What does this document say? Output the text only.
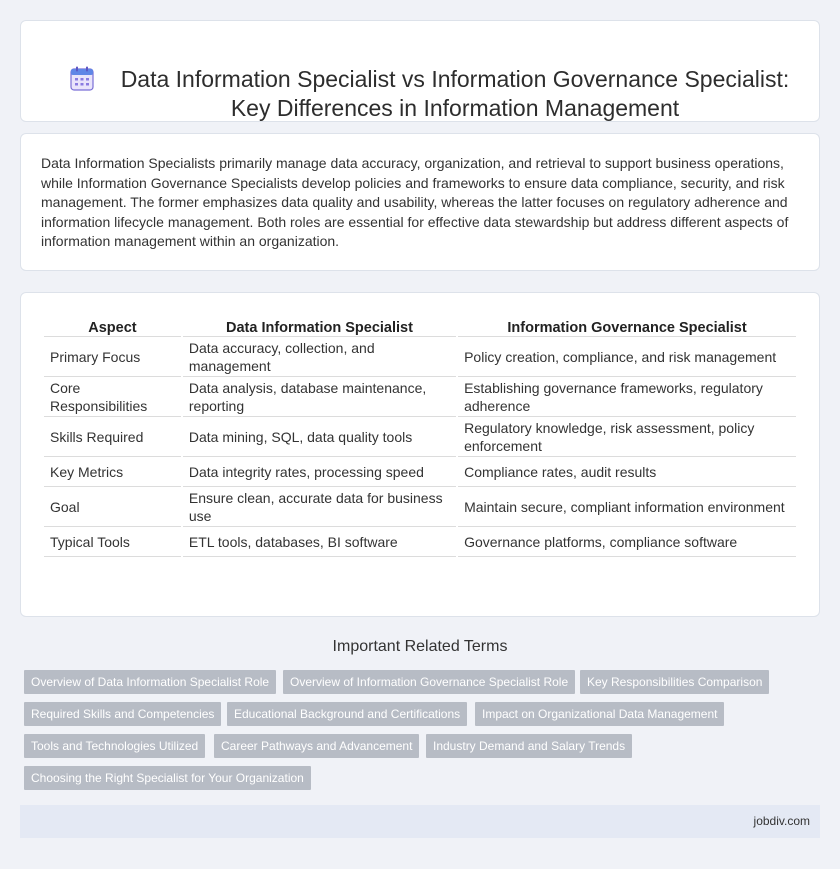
Data Information Specialist vs Information Governance Specialist:
Key Differences in Information Management

Data Information Specialists primarily manage data accuracy, organization, and retrieval to support business operations, while Information Governance Specialists develop policies and frameworks to ensure data compliance, security, and risk management. The former emphasizes data quality and usability, whereas the latter focuses on regulatory adherence and information lifecycle management. Both roles are essential for effective data stewardship but address different aspects of information management within an organization.

Aspect	Data Information Specialist	Information Governance Specialist
Primary Focus	Data accuracy, collection, and management	Policy creation, compliance, and risk management
Core Responsibilities	Data analysis, database maintenance, reporting	Establishing governance frameworks, regulatory adherence
Skills Required	Data mining, SQL, data quality tools	Regulatory knowledge, risk assessment, policy enforcement
Key Metrics	Data integrity rates, processing speed	Compliance rates, audit results
Goal	Ensure clean, accurate data for business use	Maintain secure, compliant information environment
Typical Tools	ETL tools, databases, BI software	Governance platforms, compliance software
Important Related Terms
Overview of Data Information Specialist Role	Overview of Information Governance Specialist Role	Key Responsibilities Comparison
Required Skills and Competencies	Educational Background and Certifications	Impact on Organizational Data Management
Tools and Technologies Utilized	Career Pathways and Advancement	Industry Demand and Salary Trends
Choosing the Right Specialist for Your Organization
jobdiv.com
